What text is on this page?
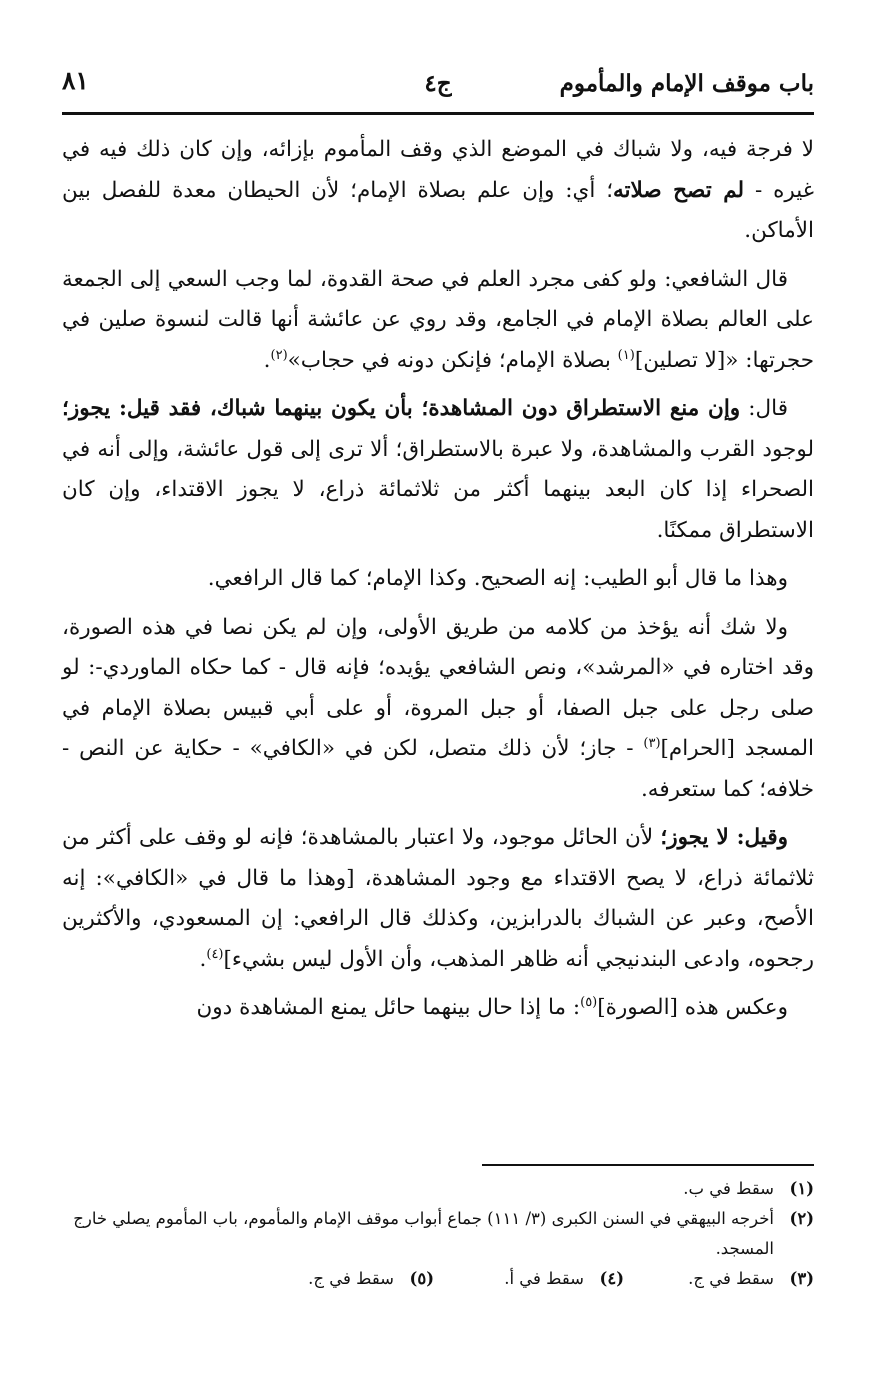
باب موقف الإمام والمأموم
ج٤
٨١

لا فرجة فيه، ولا شباك في الموضع الذي وقف المأموم بإزائه، وإن كان ذلك فيه في غيره - لم تصح صلاته؛ أي: وإن علم بصلاة الإمام؛ لأن الحيطان معدة للفصل بين الأماكن.

قال الشافعي: ولو كفى مجرد العلم في صحة القدوة، لما وجب السعي إلى الجمعة على العالم بصلاة الإمام في الجامع، وقد روي عن عائشة أنها قالت لنسوة صلين في حجرتها: «[لا تصلين]$^{(١)}$ بصلاة الإمام؛ فإنكن دونه في حجاب»$^{(٢)}$.

قال: وإن منع الاستطراق دون المشاهدة؛ بأن يكون بينهما شباك، فقد قيل: يجوز؛ لوجود القرب والمشاهدة، ولا عبرة بالاستطراق؛ ألا ترى إلى قول عائشة، وإلى أنه في الصحراء إذا كان البعد بينهما أكثر من ثلاثمائة ذراع، لا يجوز الاقتداء، وإن كان الاستطراق ممكنًا.

وهذا ما قال أبو الطيب: إنه الصحيح. وكذا الإمام؛ كما قال الرافعي.

ولا شك أنه يؤخذ من كلامه من طريق الأولى، وإن لم يكن نصا في هذه الصورة، وقد اختاره في «المرشد»، ونص الشافعي يؤيده؛ فإنه قال - كما حكاه الماوردي-: لو صلى رجل على جبل الصفا، أو جبل المروة، أو على أبي قبيس بصلاة الإمام في المسجد [الحرام]$^{(٣)}$ - جاز؛ لأن ذلك متصل، لكن في «الكافي» - حكاية عن النص - خلافه؛ كما ستعرفه.

وقيل: لا يجوز؛ لأن الحائل موجود، ولا اعتبار بالمشاهدة؛ فإنه لو وقف على أكثر من ثلاثمائة ذراع، لا يصح الاقتداء مع وجود المشاهدة، [وهذا ما قال في «الكافي»: إنه الأصح، وعبر عن الشباك بالدرابزين، وكذلك قال الرافعي: إن المسعودي، والأكثرين رجحوه، وادعى البندنيجي أنه ظاهر المذهب، وأن الأول ليس بشيء]$^{(٤)}$.

وعكس هذه [الصورة]$^{(٥)}$: ما إذا حال بينهما حائل يمنع المشاهدة دون

(١)
سقط في ب.
(٢)
أخرجه البيهقي في السنن الكبرى (٣/ ١١١) جماع أبواب موقف الإمام والمأموم، باب المأموم يصلي خارج المسجد.
(٣)
سقط في ج.
(٤)
سقط في أ.
(٥)
سقط في ج.
